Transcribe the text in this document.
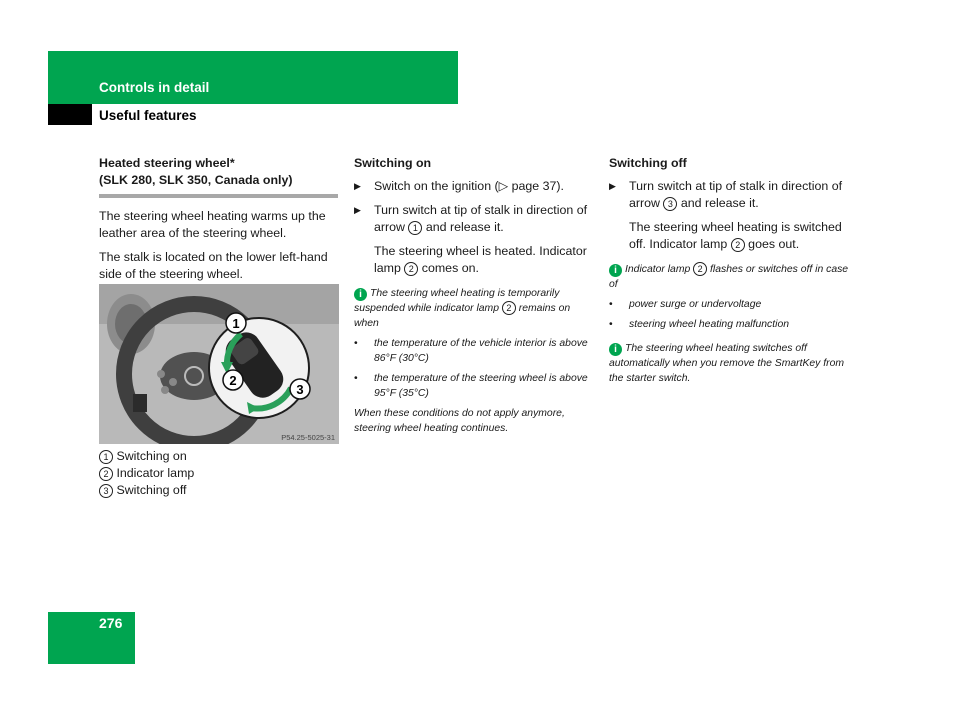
Controls in detail
Useful features

Heated steering wheel*

(SLK 280, SLK 350, Canada only)

The steering wheel heating warms up the leather area of the steering wheel.

The stalk is located on the lower left-hand side of the steering wheel.

1
2
3
P54.25-5025-31

1 Switching on

2 Indicator lamp

3 Switching off

Switching on

▶ Switch on the ignition (▷ page 37).

▶ Turn switch at tip of stalk in direction of arrow 1 and release it.

The steering wheel is heated. Indicator lamp 2 comes on.

i The steering wheel heating is temporarily suspended while indicator lamp 2 remains on when

• the temperature of the vehicle interior is above 86°F (30°C)

• the temperature of the steering wheel is above 95°F (35°C)

When these conditions do not apply anymore, steering wheel heating continues.

Switching off

▶ Turn switch at tip of stalk in direction of arrow 3 and release it.

The steering wheel heating is switched off. Indicator lamp 2 goes out.

i Indicator lamp 2 flashes or switches off in case of

• power surge or undervoltage

• steering wheel heating malfunction

i The steering wheel heating switches off automatically when you remove the SmartKey from the starter switch.

276
